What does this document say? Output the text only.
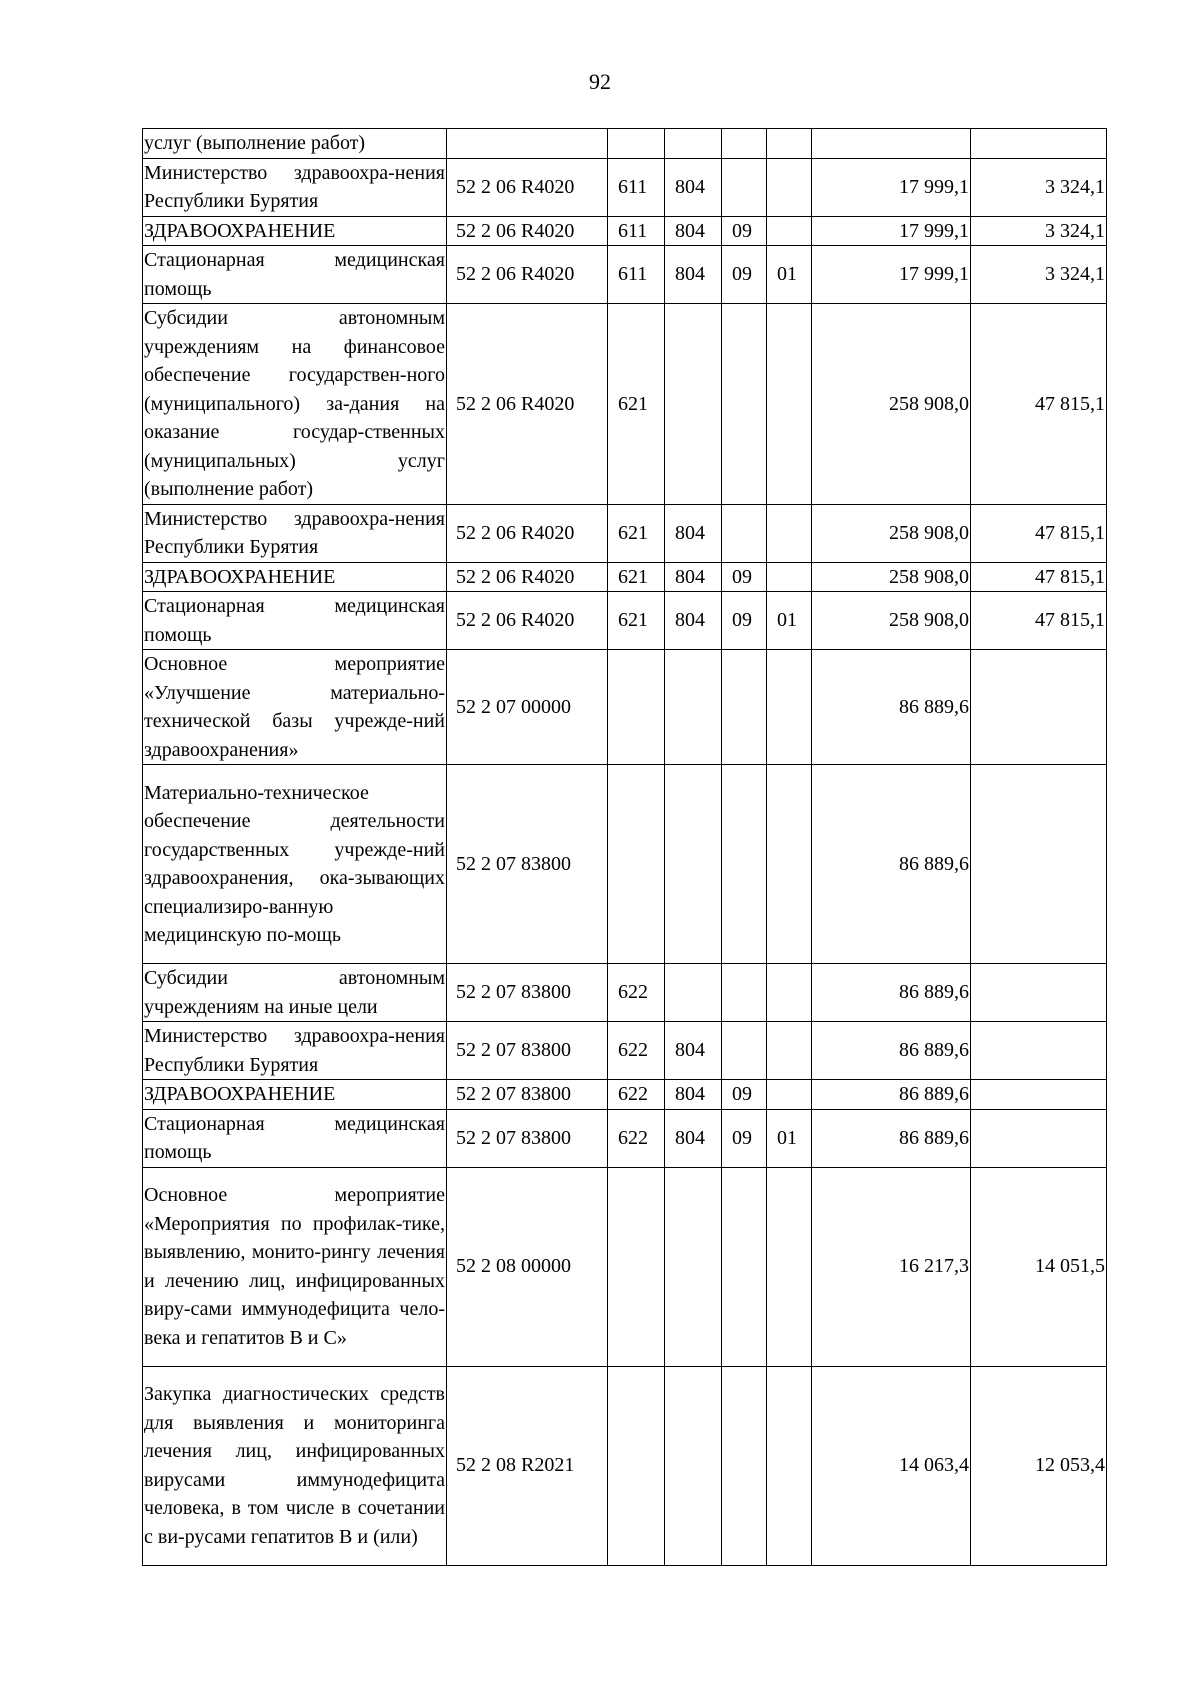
92
услуг (выполнение работ)							
Министерство здравоохра-нения Республики Бурятия	52 2 06 R4020	611	804			17 999,1	3 324,1
ЗДРАВООХРАНЕНИЕ	52 2 06 R4020	611	804	09		17 999,1	3 324,1
Стационарная медицинская помощь	52 2 06 R4020	611	804	09	01	17 999,1	3 324,1
Субсидии автономным учреждениям на финансовое обеспечение государствен-ного (муниципального) за-дания на оказание государ-ственных (муниципальных) услуг (выполнение работ)	52 2 06 R4020	621				258 908,0	47 815,1
Министерство здравоохра-нения Республики Бурятия	52 2 06 R4020	621	804			258 908,0	47 815,1
ЗДРАВООХРАНЕНИЕ	52 2 06 R4020	621	804	09		258 908,0	47 815,1
Стационарная медицинская помощь	52 2 06 R4020	621	804	09	01	258 908,0	47 815,1
Основное мероприятие «Улучшение материально-технической базы учрежде-ний здравоохранения»	52 2 07 00000					86 889,6	
Материально-техническое обеспечение деятельности государственных учрежде-ний здравоохранения, ока-зывающих специализиро-ванную медицинскую по-мощь	52 2 07 83800					86 889,6	
Субсидии автономным учреждениям на иные цели	52 2 07 83800	622				86 889,6	
Министерство здравоохра-нения Республики Бурятия	52 2 07 83800	622	804			86 889,6	
ЗДРАВООХРАНЕНИЕ	52 2 07 83800	622	804	09		86 889,6	
Стационарная медицинская помощь	52 2 07 83800	622	804	09	01	86 889,6	
Основное мероприятие «Мероприятия по профилак-тике, выявлению, монито-рингу лечения и лечению лиц, инфицированных виру-сами иммунодефицита чело-века и гепатитов B и C»	52 2 08 00000					16 217,3	14 051,5
Закупка диагностических средств для выявления и мониторинга лечения лиц, инфицированных вирусами иммунодефицита человека, в том числе в сочетании с ви-русами гепатитов B и (или)	52 2 08 R2021					14 063,4	12 053,4
